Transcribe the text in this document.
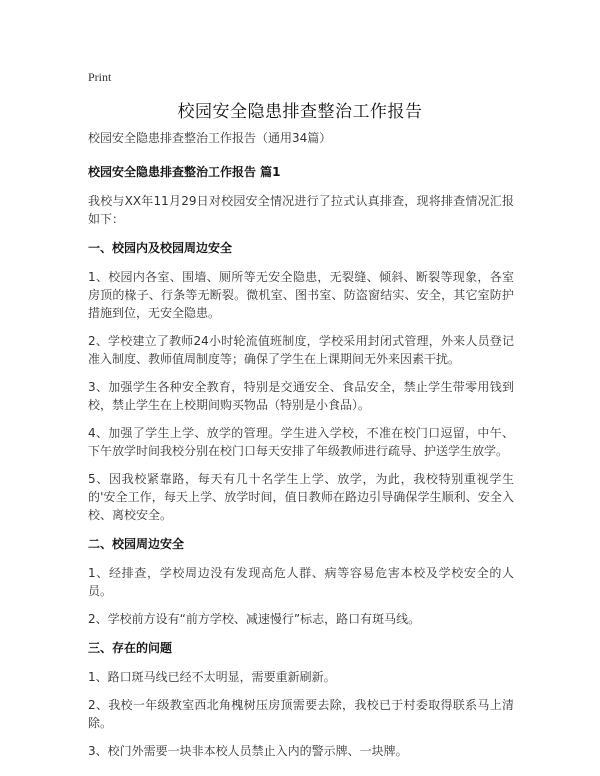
Print
校园安全隐患排查整治工作报告

校园安全隐患排查整治工作报告（通用34篇）

校园安全隐患排查整治工作报告 篇1

我校与XX年11月29日对校园安全情况进行了拉式认真排查，现将排查情况汇报如下：

一、校园内及校园周边安全

1、校园内各室、围墙、厕所等无安全隐患，无裂缝、倾斜、断裂等现象，各室房顶的椽子、行条等无断裂。微机室、图书室、防盗窗结实、安全，其它室防护措施到位，无安全隐患。

2、学校建立了教师24小时轮流值班制度，学校采用封闭式管理，外来人员登记准入制度、教师值周制度等；确保了学生在上课期间无外来因素干扰。

3、加强学生各种安全教育，特别是交通安全、食品安全，禁止学生带零用钱到校，禁止学生在上校期间购买物品（特别是小食品）。

4、加强了学生上学、放学的管理。学生进入学校，不准在校门口逗留，中午、下午放学时间我校分别在校门口每天安排了年级教师进行疏导、护送学生放学。

5、因我校紧靠路，每天有几十名学生上学、放学，为此，我校特别重视学生的'安全工作，每天上学、放学时间，值日教师在路边引导确保学生顺利、安全入校、离校安全。

二、校园周边安全

1、经排查，学校周边没有发现高危人群、病等容易危害本校及学校安全的人员。

2、学校前方设有“前方学校、减速慢行”标志，路口有斑马线。

三、存在的问题

1、路口斑马线已经不太明显，需要重新刷新。

2、我校一年级教室西北角槐树压房顶需要去除，我校已于村委取得联系马上清除。

3、校门外需要一块非本校人员禁止入内的警示牌、一块牌。
